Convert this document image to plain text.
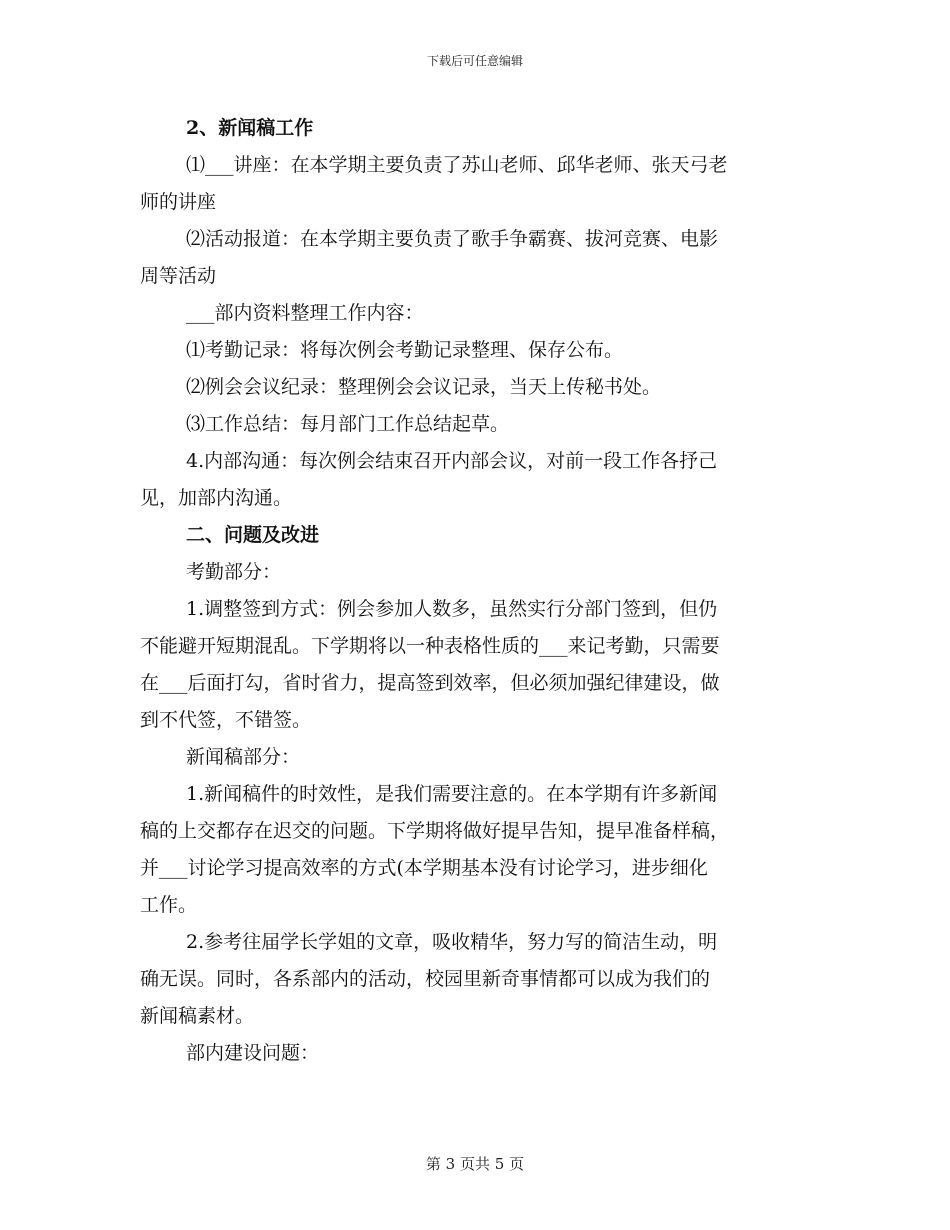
下载后可任意编辑
2、新闻稿工作
⑴___讲座：在本学期主要负责了苏山老师、邱华老师、张天弓老
师的讲座
⑵活动报道：在本学期主要负责了歌手争霸赛、拔河竞赛、电影
周等活动
___部内资料整理工作内容：
⑴考勤记录：将每次例会考勤记录整理、保存公布。
⑵例会会议纪录：整理例会会议记录，当天上传秘书处。
⑶工作总结：每月部门工作总结起草。
4.内部沟通：每次例会结束召开内部会议，对前一段工作各抒己
见，加部内沟通。
二、问题及改进
考勤部分：
1.调整签到方式：例会参加人数多，虽然实行分部门签到，但仍
不能避开短期混乱。下学期将以一种表格性质的___来记考勤，只需要
在___后面打勾，省时省力，提高签到效率，但必须加强纪律建设，做
到不代签，不错签。
新闻稿部分：
1.新闻稿件的时效性，是我们需要注意的。在本学期有许多新闻
稿的上交都存在迟交的问题。下学期将做好提早告知，提早准备样稿，
并___讨论学习提高效率的方式(本学期基本没有讨论学习，进步细化
工作。
2.参考往届学长学姐的文章，吸收精华，努力写的简洁生动，明
确无误。同时，各系部内的活动，校园里新奇事情都可以成为我们的
新闻稿素材。
部内建设问题：
第 3 页共 5 页
